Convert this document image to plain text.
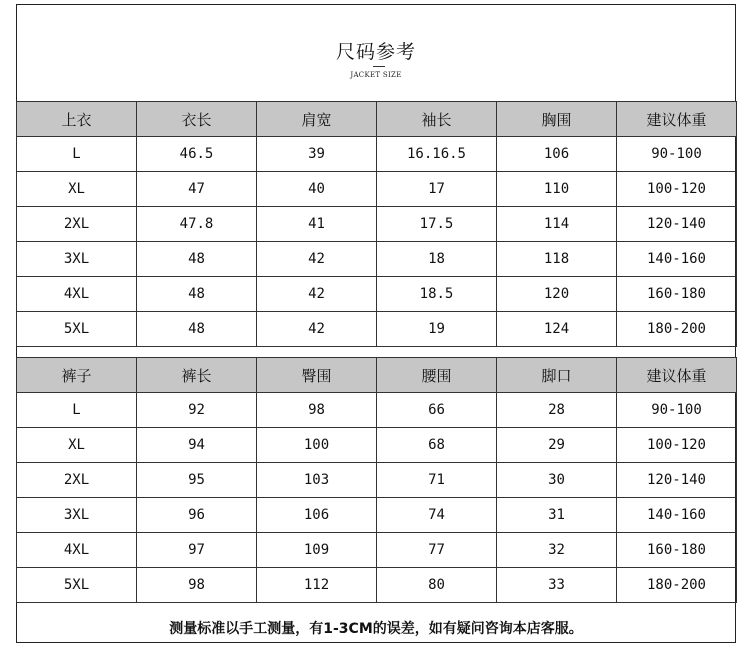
尺码参考
JACKET SIZE
上衣	衣长	肩宽	袖长	胸围	建议体重
L	46.5	39	16.16.5	106	90-100
XL	47	40	17	110	100-120
2XL	47.8	41	17.5	114	120-140
3XL	48	42	18	118	140-160
4XL	48	42	18.5	120	160-180
5XL	48	42	19	124	180-200
裤子	裤长	臀围	腰围	脚口	建议体重
L	92	98	66	28	90-100
XL	94	100	68	29	100-120
2XL	95	103	71	30	120-140
3XL	96	106	74	31	140-160
4XL	97	109	77	32	160-180
5XL	98	112	80	33	180-200
测量标准以手工测量，有1-3CM的误差，如有疑问咨询本店客服。
